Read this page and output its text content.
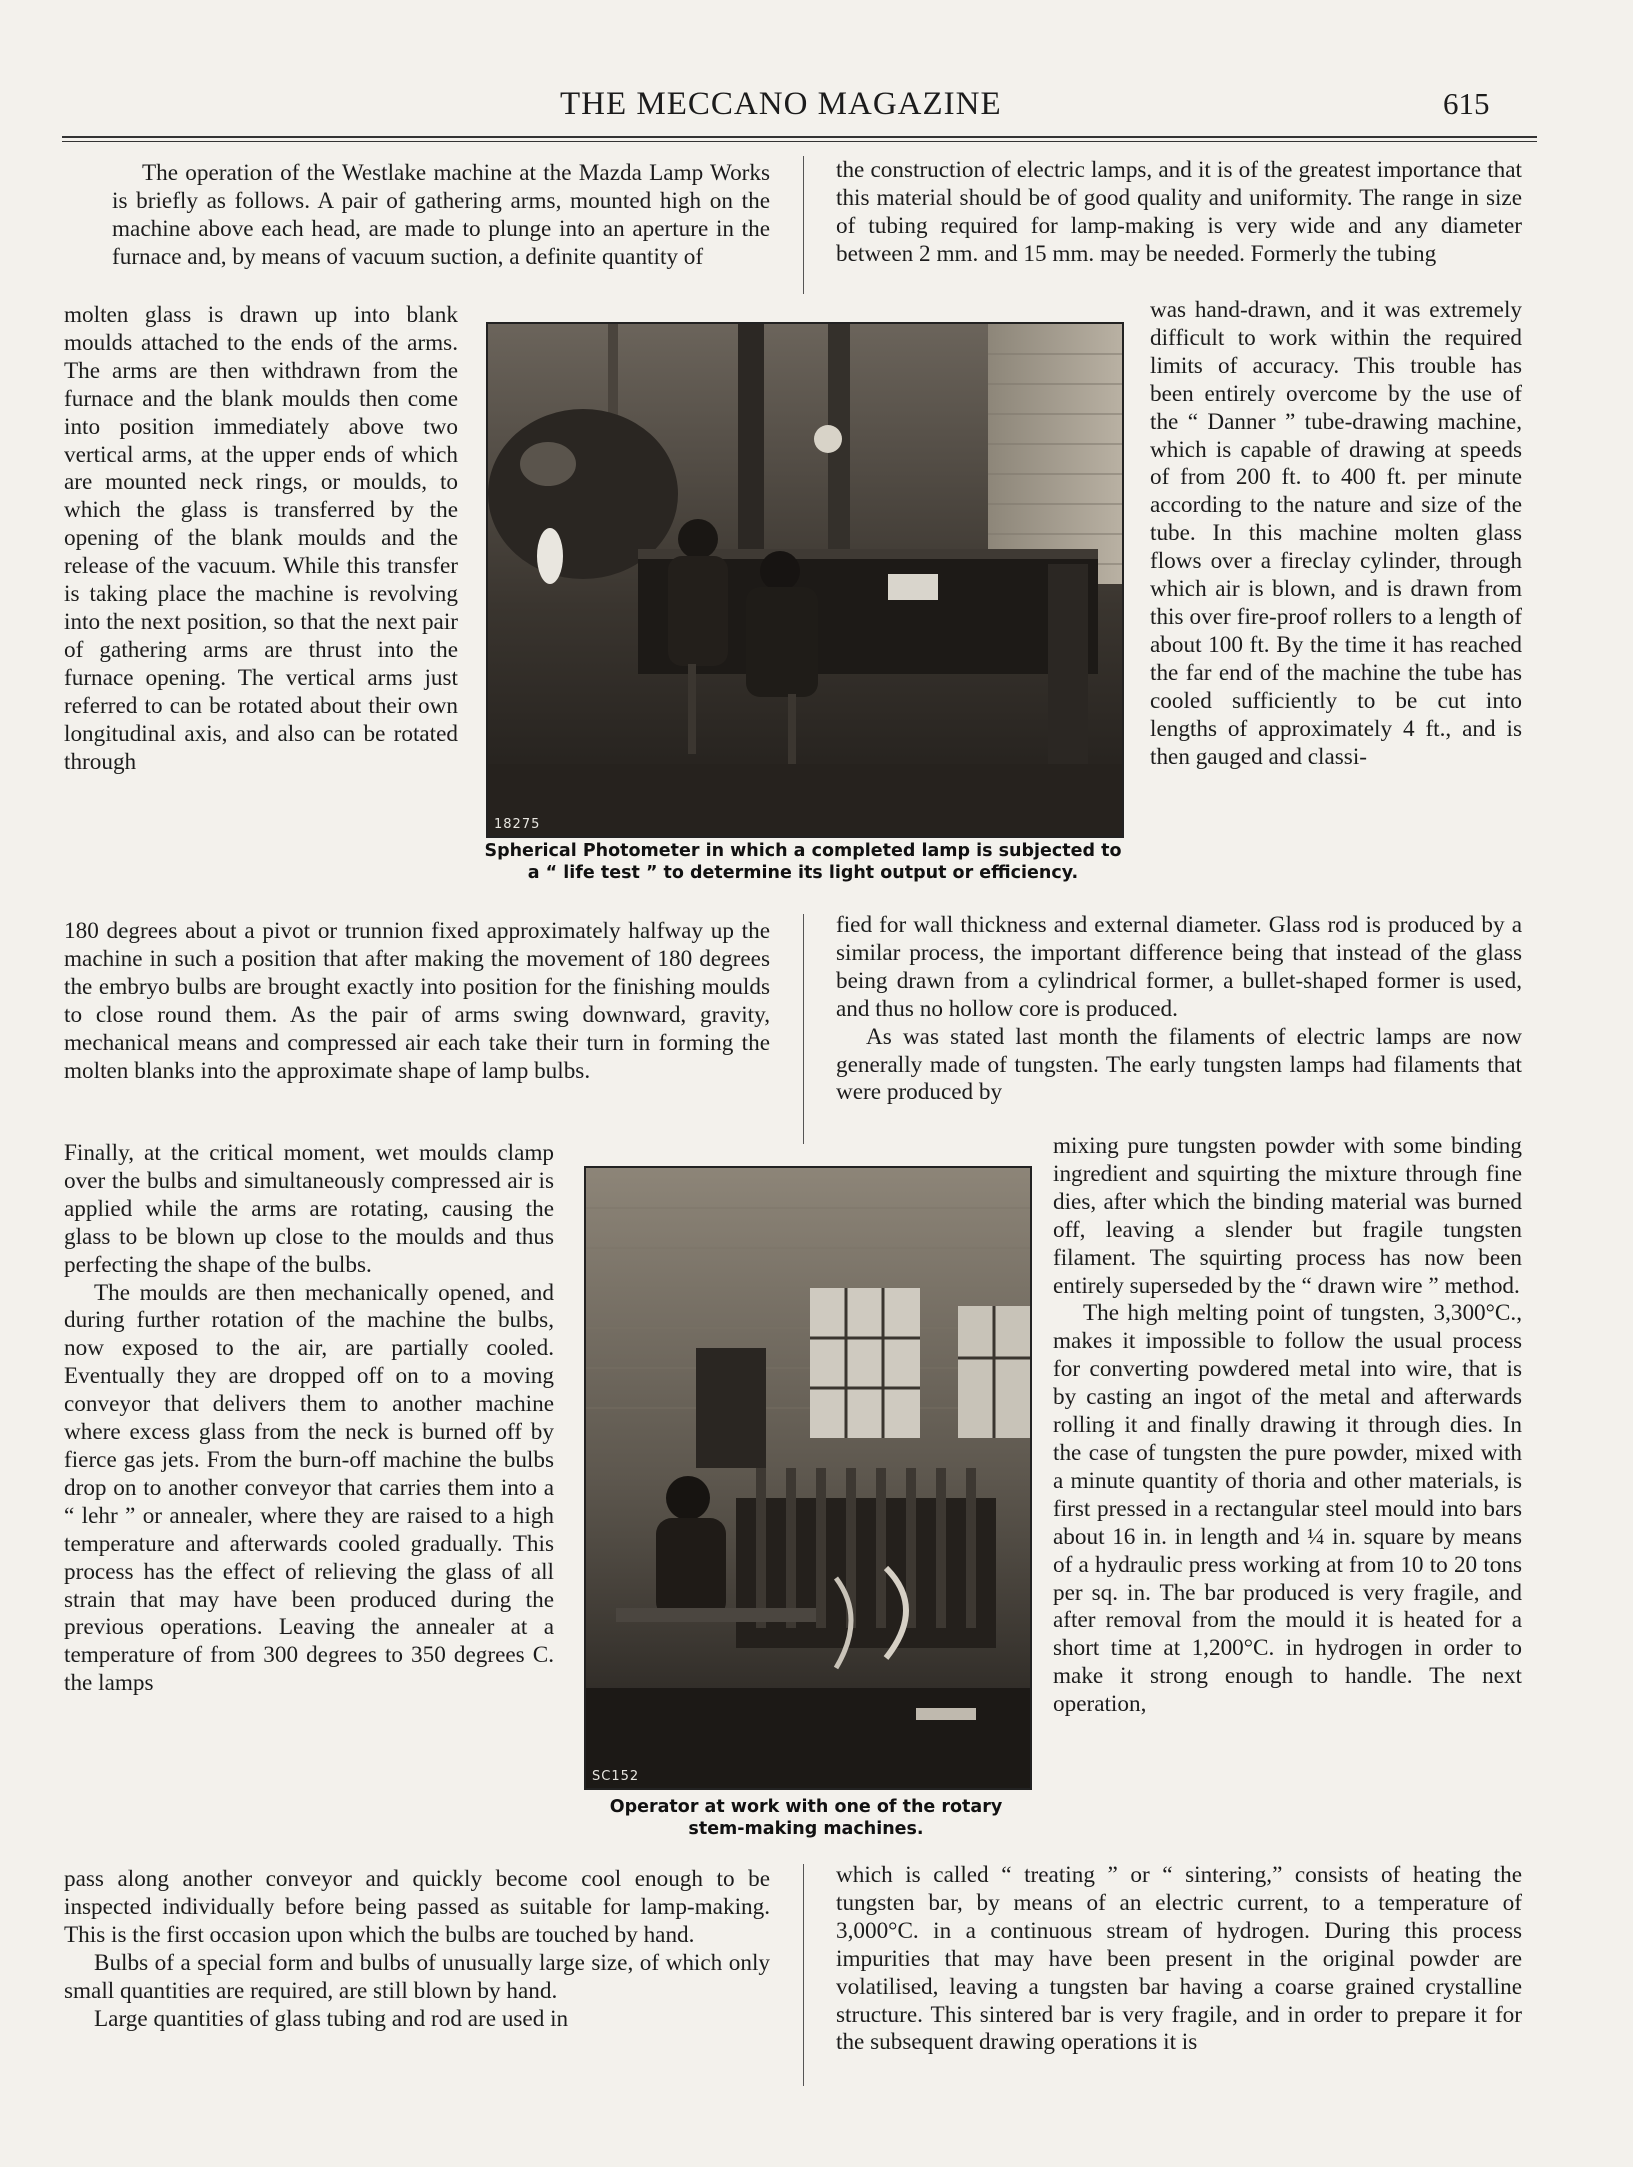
THE MECCANO MAGAZINE	615

The operation of the Westlake machine at the Mazda Lamp Works is briefly as follows. A pair of gathering arms, mounted high on the machine above each head, are made to plunge into an aperture in the furnace and, by means of vacuum suction, a definite quantity of

molten glass is drawn up into blank moulds attached to the ends of the arms. The arms are then withdrawn from the furnace and the blank moulds then come into position immediately above two vertical arms, at the upper ends of which are mounted neck rings, or moulds, to which the glass is transferred by the opening of the blank moulds and the release of the vacuum. While this transfer is taking place the machine is revolving into the next position, so that the next pair of gathering arms are thrust into the furnace opening. The vertical arms just referred to can be rotated about their own longitudinal axis, and also can be rotated through

180 degrees about a pivot or trunnion fixed approximately halfway up the machine in such a position that after making the movement of 180 degrees the embryo bulbs are brought exactly into position for the finishing moulds to close round them. As the pair of arms swing downward, gravity, mechanical means and compressed air each take their turn in forming the molten blanks into the approximate shape of lamp bulbs.

Finally, at the critical moment, wet moulds clamp over the bulbs and simultaneously compressed air is applied while the arms are rotating, causing the glass to be blown up close to the moulds and thus perfecting the shape of the bulbs.

The moulds are then mechanically opened, and during further rotation of the machine the bulbs, now exposed to the air, are partially cooled. Eventually they are dropped off on to a moving conveyor that delivers them to another machine where excess glass from the neck is burned off by fierce gas jets. From the burn-off machine the bulbs drop on to another conveyor that carries them into a “ lehr ” or annealer, where they are raised to a high temperature and afterwards cooled gradually. This process has the effect of relieving the glass of all strain that may have been produced during the previous operations. Leaving the annealer at a temperature of from 300 degrees to 350 degrees C. the lamps

pass along another conveyor and quickly become cool enough to be inspected individually before being passed as suitable for lamp-making. This is the first occasion upon which the bulbs are touched by hand.

Bulbs of a special form and bulbs of unusually large size, of which only small quantities are required, are still blown by hand.

Large quantities of glass tubing and rod are used in

the construction of electric lamps, and it is of the greatest importance that this material should be of good quality and uniformity. The range in size of tubing required for lamp-making is very wide and any diameter between 2 mm. and 15 mm. may be needed. Formerly the tubing

was hand-drawn, and it was extremely difficult to work within the required limits of accuracy. This trouble has been entirely overcome by the use of the “ Danner ” tube-drawing machine, which is capable of drawing at speeds of from 200 ft. to 400 ft. per minute according to the nature and size of the tube. In this machine molten glass flows over a fireclay cylinder, through which air is blown, and is drawn from this over fire-proof rollers to a length of about 100 ft. By the time it has reached the far end of the machine the tube has cooled sufficiently to be cut into lengths of approximately 4 ft., and is then gauged and classi-

fied for wall thickness and external diameter. Glass rod is produced by a similar process, the important difference being that instead of the glass being drawn from a cylindrical former, a bullet-shaped former is used, and thus no hollow core is produced.

As was stated last month the filaments of electric lamps are now generally made of tungsten. The early tungsten lamps had filaments that were produced by

mixing pure tungsten powder with some binding ingredient and squirting the mixture through fine dies, after which the binding material was burned off, leaving a slender but fragile tungsten filament. The squirting process has now been entirely superseded by the “ drawn wire ” method.

The high melting point of tungsten, 3,300°C., makes it impossible to follow the usual process for converting powdered metal into wire, that is by casting an ingot of the metal and afterwards rolling it and finally drawing it through dies. In the case of tungsten the pure powder, mixed with a minute quantity of thoria and other materials, is first pressed in a rectangular steel mould into bars about 16 in. in length and ¼ in. square by means of a hydraulic press working at from 10 to 20 tons per sq. in. The bar produced is very fragile, and after removal from the mould it is heated for a short time at 1,200°C. in hydrogen in order to make it strong enough to handle. The next operation,

which is called “ treating ” or “ sintering,” consists of heating the tungsten bar, by means of an electric current, to a temperature of 3,000°C. in a continuous stream of hydrogen. During this process impurities that may have been present in the original powder are volatilised, leaving a tungsten bar having a coarse grained crystalline structure. This sintered bar is very fragile, and in order to prepare it for the subsequent drawing operations it is

18275
Spherical Photometer in which a completed lamp is subjected to a “ life test ” to determine its light output or efficiency.
SC152
Operator at work with one of the rotary stem-making machines.
